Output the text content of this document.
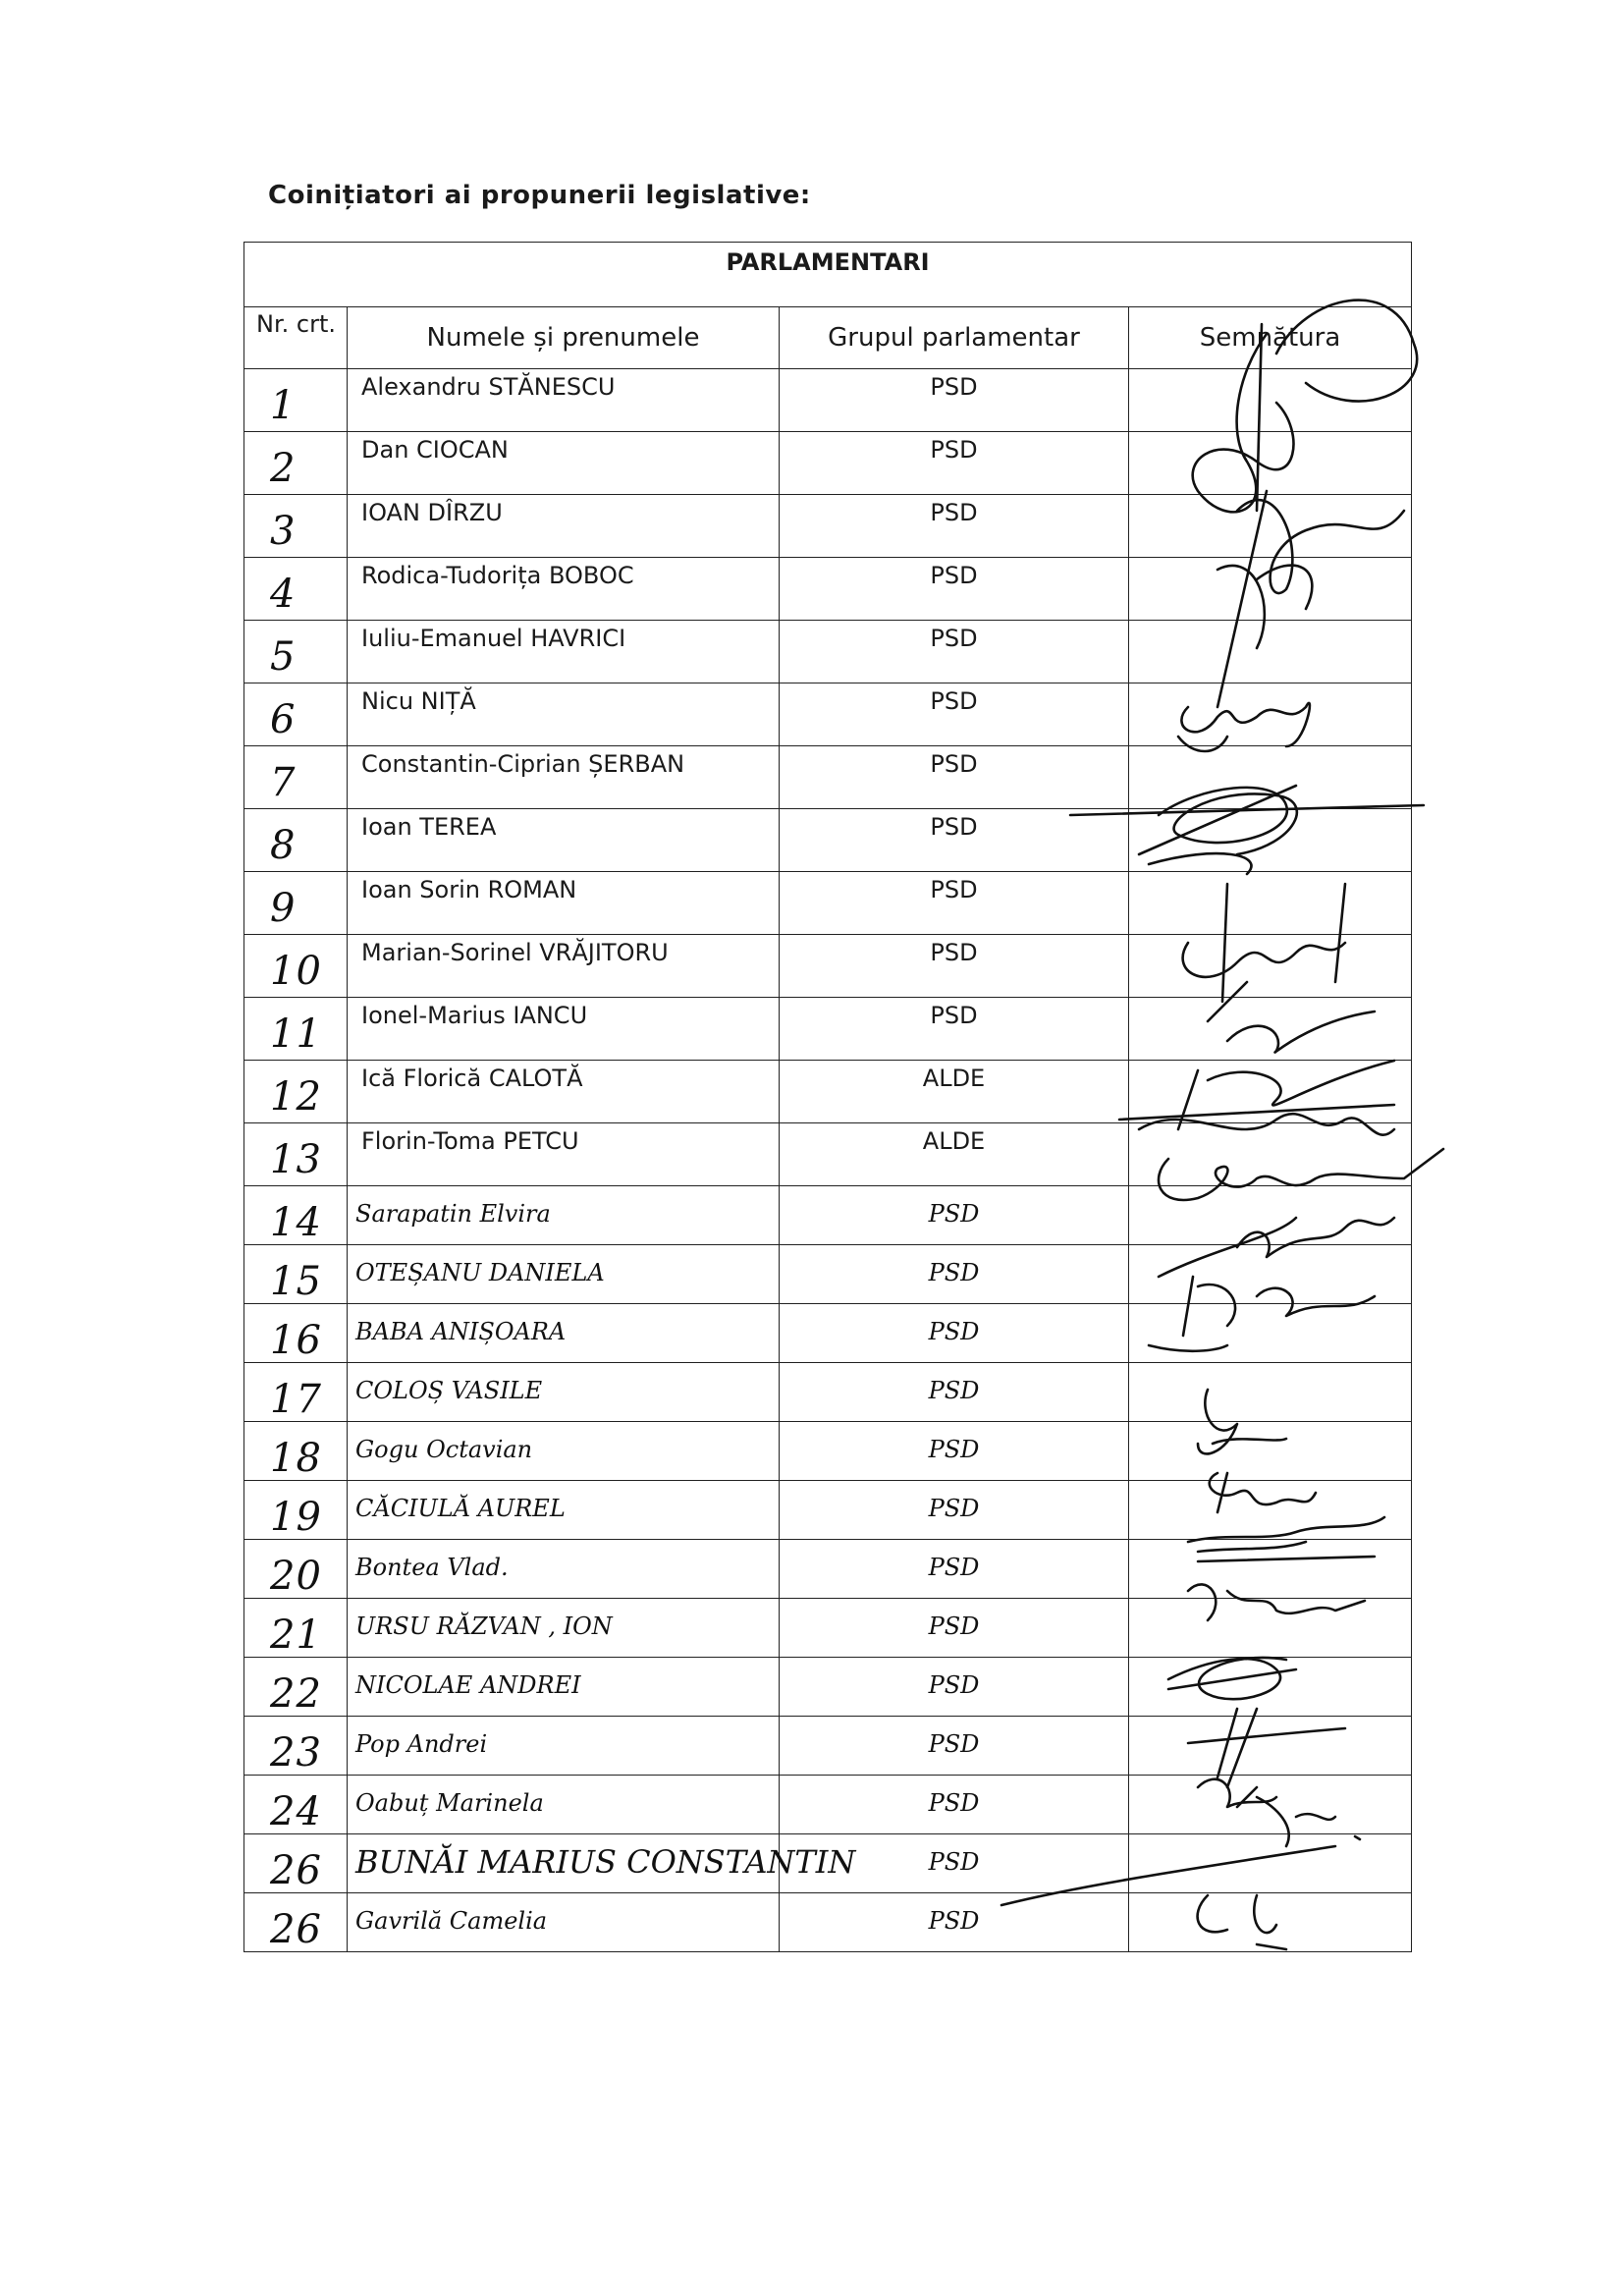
Coinițiatori ai propunerii legislative:
PARLAMENTARI			
Nr. crt.	Numele și prenumele	Grupul parlamentar	Semnătura

1	Alexandru STĂNESCU	PSD	

2	Dan CIOCAN	PSD	

3	IOAN DÎRZU	PSD	

4	Rodica-Tudorița BOBOC	PSD	

5	Iuliu-Emanuel HAVRICI	PSD	

6	Nicu NIȚĂ	PSD	

7	Constantin-Ciprian ȘERBAN	PSD	

8	Ioan TEREA	PSD	

9	Ioan Sorin ROMAN	PSD	

10	Marian-Sorinel VRĂJITORU	PSD	

11	Ionel-Marius IANCU	PSD	

12	Ică Florică CALOTĂ	ALDE	

13	Florin-Toma PETCU	ALDE	

14	Sarapatin Elvira	PSD	

15	OTEȘANU DANIELA	PSD	

16	BABA ANIȘOARA	PSD	

17	COLOȘ VASILE	PSD	

18	Gogu Octavian	PSD	

19	CĂCIULĂ AUREL	PSD	

20	Bontea Vlad.	PSD	

21	URSU RĂZVAN , ION	PSD	

22	NICOLAE ANDREI	PSD	

23	Pop Andrei	PSD	

24	Oabuț Marinela	PSD	

26	BUNĂI MARIUS CONSTANTIN	PSD	

26	Gavrilă Camelia	PSD	
